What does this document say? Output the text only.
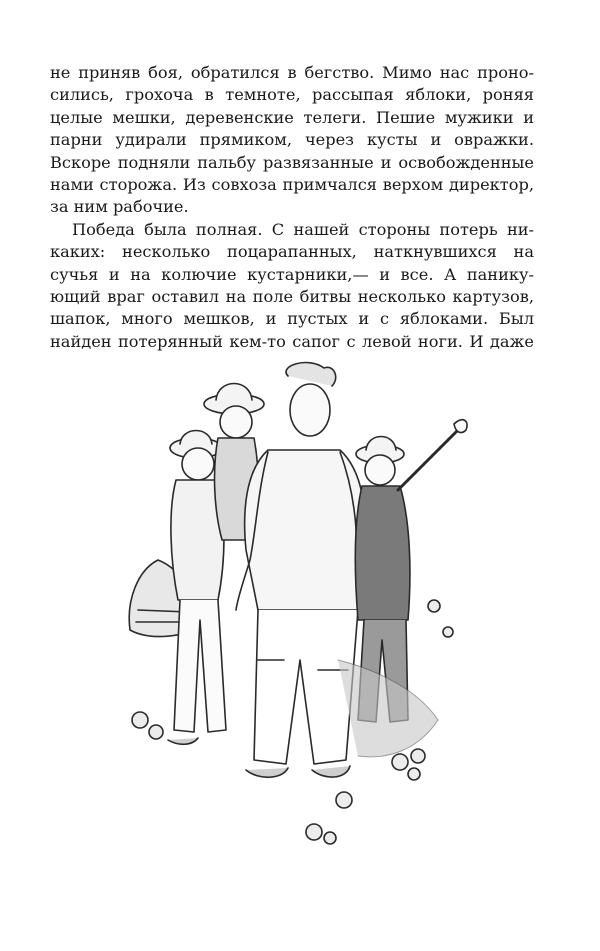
не приняв боя, обратился в бегство. Мимо нас проно-
сились, грохоча в темноте, рассыпая яблоки, роняя
целые мешки, деревенские телеги. Пешие мужики и
парни удирали прямиком, через кусты и овражки.
Вскоре подняли пальбу развязанные и освобожденные
нами сторожа. Из совхоза примчался верхом директор,
за ним рабочие.
Победа была полная. С нашей стороны потерь ни-
каких: несколько поцарапанных, наткнувшихся на
сучья и на колючие кустарники,— и все. А панику-
ющий враг оставил на поле битвы несколько картузов,
шапок, много мешков, и пустых и с яблоками. Был
найден потерянный кем-то сапог с левой ноги. И даже
